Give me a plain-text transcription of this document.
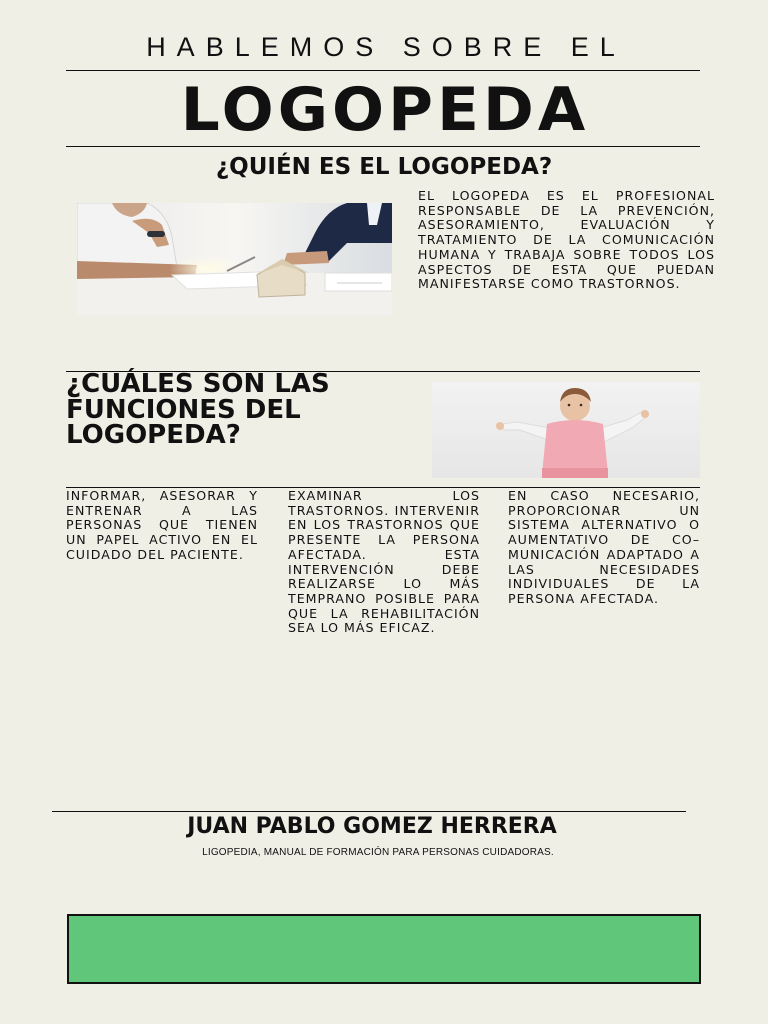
HABLEMOS SOBRE EL
LOGOPEDA
¿QUIÉN ES EL LOGOPEDA?
EL LOGOPEDA ES EL PROFESIONAL RESPONSABLE DE LA PREVENCIÓN, ASESORAMIENTO, EVALUACIÓN Y TRATAMIENTO DE LA COMUNICACIÓN HUMANA Y TRABAJA SOBRE TODOS LOS ASPECTOS DE ESTA QUE PUEDAN MANIFESTARSE COMO TRASTORNOS.
¿CUÁLES SON LAS FUNCIONES DEL LOGOPEDA?
INFORMAR, ASESORAR Y ENTRENAR A LAS PERSONAS QUE TIENEN UN PAPEL ACTIVO EN EL CUIDADO DEL PACIENTE.
EXAMINAR LOS TRASTORNOS. INTERVENIR EN LOS TRASTORNOS QUE PRESENTE LA PERSONA AFECTADA. ESTA INTERVENCIÓN DEBE REALIZARSE LO MÁS TEMPRANO POSIBLE PARA QUE LA REHABILITACIÓN SEA LO MÁS EFICAZ.
EN CASO NECESARIO, PROPORCIONAR UN SISTEMA ALTERNATIVO O AUMENTATIVO DE CO– MUNICACIÓN ADAPTADO A LAS NECESIDADES INDIVIDUALES DE LA PERSONA AFECTADA.
JUAN PABLO GOMEZ HERRERA
LIGOPEDIA, MANUAL DE FORMACIÓN PARA PERSONAS CUIDADORAS.
